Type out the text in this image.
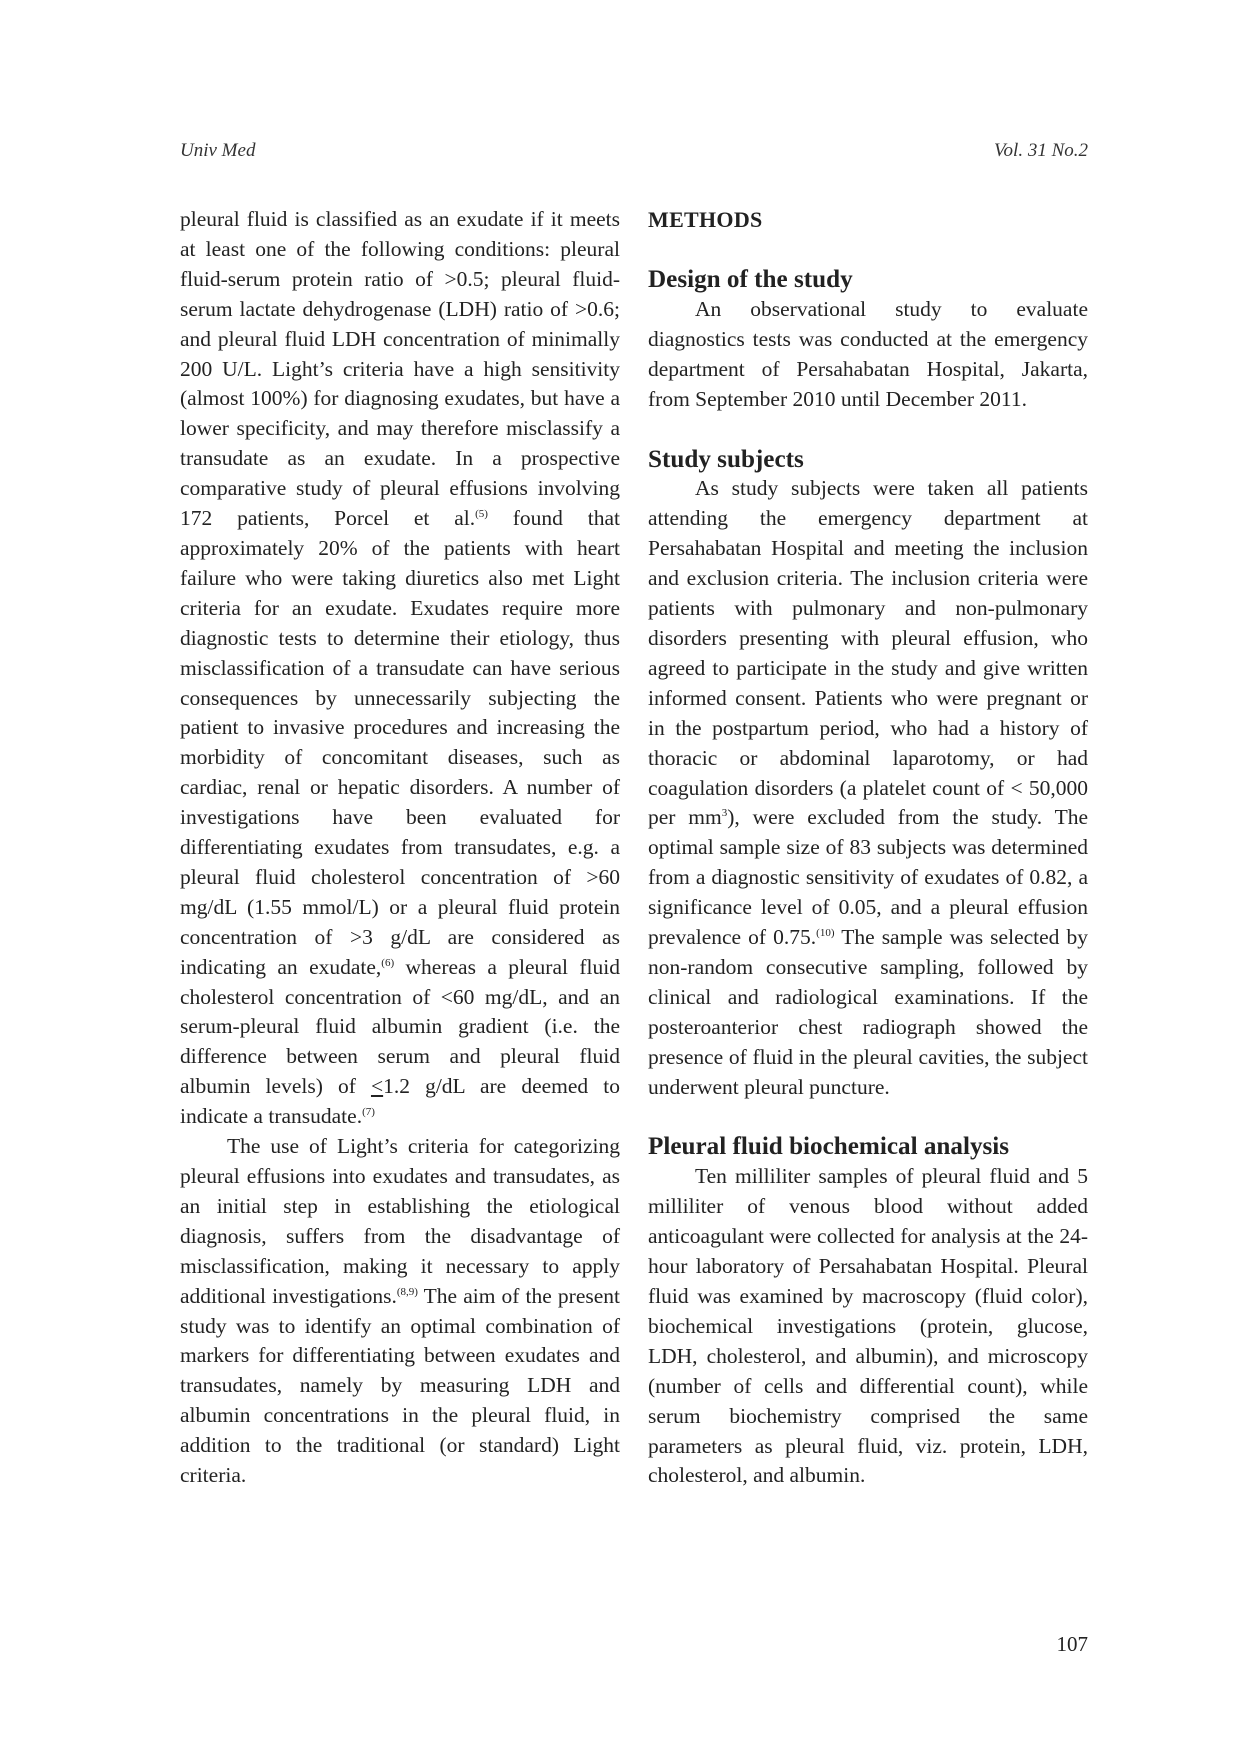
Univ Med	Vol. 31 No.2

pleural fluid is classified as an exudate if it meets at least one of the following conditions: pleural fluid-serum protein ratio of >0.5; pleural fluid-serum lactate dehydrogenase (LDH) ratio of >0.6; and pleural fluid LDH concentration of minimally 200 U/L. Light’s criteria have a high sensitivity (almost 100%) for diagnosing exudates, but have a lower specificity, and may therefore misclassify a transudate as an exudate. In a prospective comparative study of pleural effusions involving 172 patients, Porcel et al.$^{(5)}$ found that approximately 20% of the patients with heart failure who were taking diuretics also met Light criteria for an exudate. Exudates require more diagnostic tests to determine their etiology, thus misclassification of a transudate can have serious consequences by unnecessarily subjecting the patient to invasive procedures and increasing the morbidity of concomitant diseases, such as cardiac, renal or hepatic disorders. A number of investigations have been evaluated for differentiating exudates from transudates, e.g. a pleural fluid cholesterol concentration of >60 mg/dL (1.55 mmol/L) or a pleural fluid protein concentration of >3 g/dL are considered as indicating an exudate,$^{(6)}$ whereas a pleural fluid cholesterol concentration of <60 mg/dL, and an serum-pleural fluid albumin gradient (i.e. the difference between serum and pleural fluid albumin levels) of ≤1.2 g/dL are deemed to indicate a transudate.$^{(7)}$

The use of Light’s criteria for categorizing pleural effusions into exudates and transudates, as an initial step in establishing the etiological diagnosis, suffers from the disadvantage of misclassification, making it necessary to apply additional investigations.$^{(8,9)}$ The aim of the present study was to identify an optimal combination of markers for differentiating between exudates and transudates, namely by measuring LDH and albumin concentrations in the pleural fluid, in addition to the traditional (or standard) Light criteria.

METHODS
Design of the study

An observational study to evaluate diagnostics tests was conducted at the emergency department of Persahabatan Hospital, Jakarta, from September 2010 until December 2011.

Study subjects

As study subjects were taken all patients attending the emergency department at Persahabatan Hospital and meeting the inclusion and exclusion criteria. The inclusion criteria were patients with pulmonary and non-pulmonary disorders presenting with pleural effusion, who agreed to participate in the study and give written informed consent. Patients who were pregnant or in the postpartum period, who had a history of thoracic or abdominal laparotomy, or had coagulation disorders (a platelet count of < 50,000 per $mm^3$), were excluded from the study. The optimal sample size of 83 subjects was determined from a diagnostic sensitivity of exudates of 0.82, a significance level of 0.05, and a pleural effusion prevalence of 0.75.$^{(10)}$ The sample was selected by non-random consecutive sampling, followed by clinical and radiological examinations. If the posteroanterior chest radiograph showed the presence of fluid in the pleural cavities, the subject underwent pleural puncture.

Pleural fluid biochemical analysis

Ten milliliter samples of pleural fluid and 5 milliliter of venous blood without added anticoagulant were collected for analysis at the 24-hour laboratory of Persahabatan Hospital. Pleural fluid was examined by macroscopy (fluid color), biochemical investigations (protein, glucose, LDH, cholesterol, and albumin), and microscopy (number of cells and differential count), while serum biochemistry comprised the same parameters as pleural fluid, viz. protein, LDH, cholesterol, and albumin.

107
